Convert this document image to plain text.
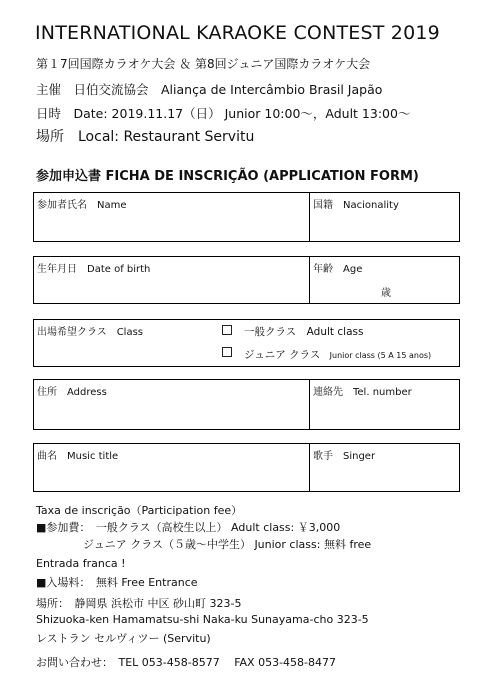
INTERNATIONAL KARAOKE CONTEST 2019
第１7回国際カラオケ大会 ＆ 第8回ジュニア国際カラオケ大会
主催　日伯交流協会　Aliança de Intercâmbio Brasil Japão
日時　Date: 2019.11.17（日） Junior 10:00～，Adult 13:00～
場所　Local: Restaurant Servitu
参加申込書 FICHA DE INSCRIÇÃO (APPLICATION FORM)
参加者氏名　Name	国籍　Nacionality
生年月日　Date of birth	年齢　Age
歳
出場希望クラス　Class	一般クラス　Adult class
ジュニア クラス Junior class (5 A 15 anos)
住所　Address	連絡先　Tel. number
曲名　Music title	歌手　Singer
Taxa de inscrição（Participation fee）
■参加費：　一般クラス（高校生以上） Adult class: ￥3,000
ジュニア クラス（５歳～中学生） Junior class: 無料 free
Entrada franca !
■入場料：　無料 Free Entrance
場所：　静岡県 浜松市 中区 砂山町 323-5
Shizuoka-ken Hamamatsu-shi Naka-ku Sunayama-cho 323-5
レストラン セルヴィツー (Servitu)
お問い合わせ：　TEL 053-458-8577　 FAX 053-458-8477
